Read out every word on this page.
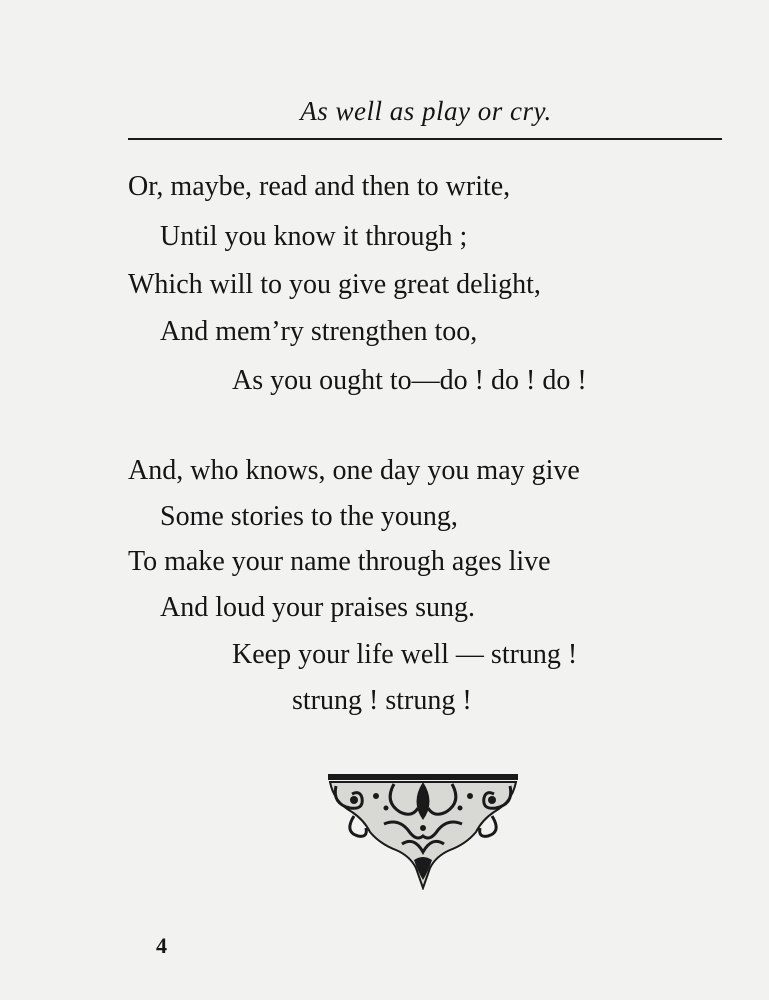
As well as play or cry.
Or, maybe, read and then to write,
Until you know it through ;
Which will to you give great delight,
And mem’ry strengthen too,
As you ought to—do ! do ! do !
And, who knows, one day you may give
Some stories to the young,
To make your name through ages live
And loud your praises sung.
Keep your life well — strung !
strung ! strung !
4
